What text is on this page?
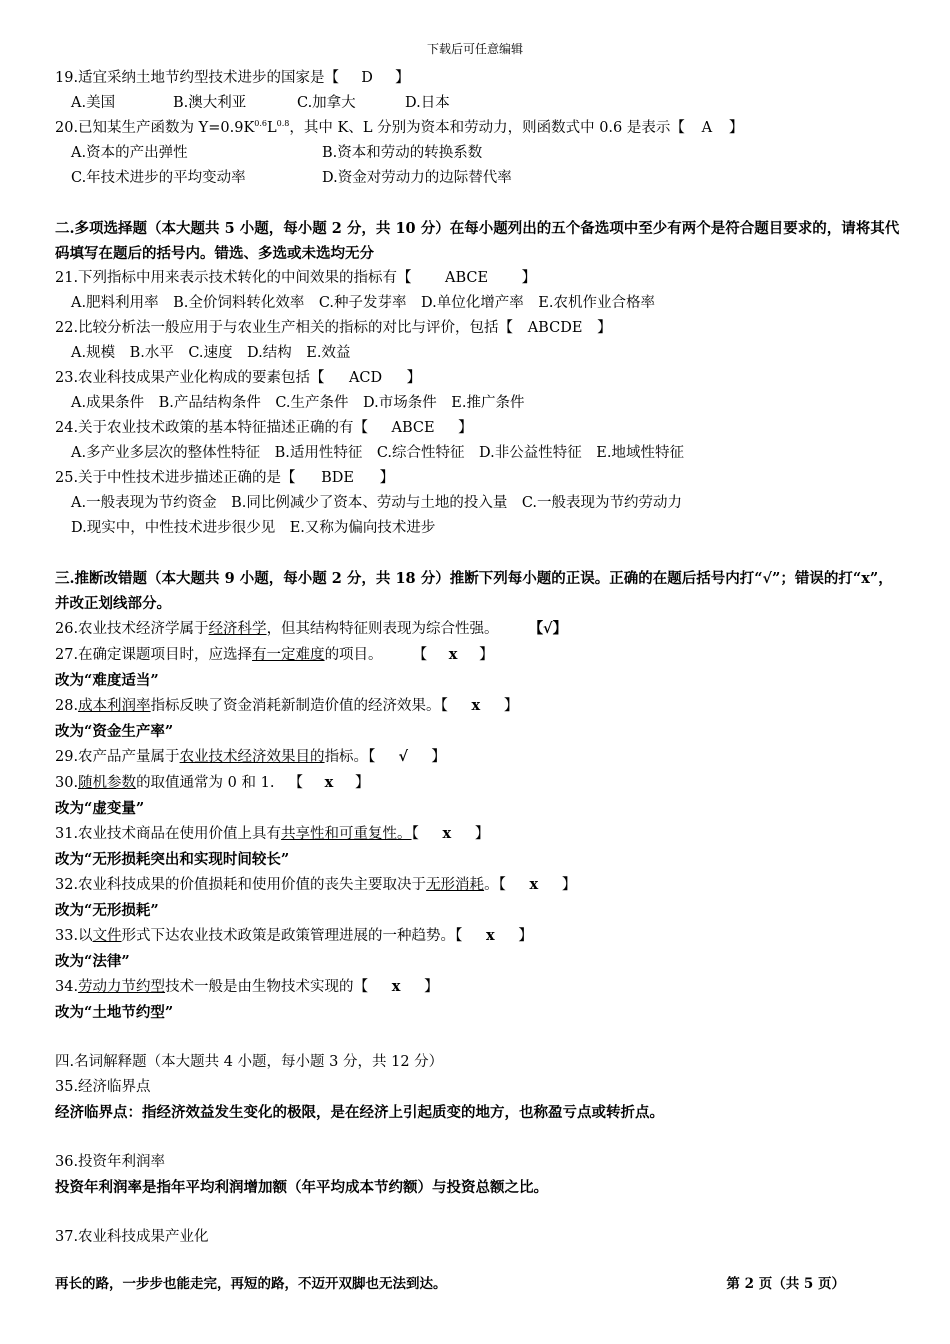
下载后可任意编辑
19.适宜采纳土地节约型技术进步的国家是【 D 】
A.美国	B.澳大利亚	C.加拿大	D.日本
20.已知某生产函数为 $Y=0.9K^{0.6}L^{0.8}$，其中 K、L 分别为资本和劳动力，则函数式中 0.6 是表示【 A 】
A.资本的产出弹性	B.资本和劳动的转换系数
C.年技术进步的平均变动率	D.资金对劳动力的边际替代率
二.多项选择题（本大题共 5 小题，每小题 2 分，共 10 分）在每小题列出的五个备选项中至少有两个是符合题目要求的，请将其代码填写在题后的括号内。错选、多选或未选均无分
21.下列指标中用来表示技术转化的中间效果的指标有【 ABCE 】
A.肥料利用率　B.全价饲料转化效率　C.种子发芽率　D.单位化增产率　E.农机作业合格率
22.比较分析法一般应用于与农业生产相关的指标的对比与评价，包括【 ABCDE 】
A.规模　B.水平　C.速度　D.结构　E.效益
23.农业科技成果产业化构成的要素包括【 ACD 】
A.成果条件　B.产品结构条件　C.生产条件　D.市场条件　E.推广条件
24.关于农业技术政策的基本特征描述正确的有【 ABCE 】
A.多产业多层次的整体性特征　B.适用性特征　C.综合性特征　D.非公益性特征　E.地域性特征
25.关于中性技术进步描述正确的是【 BDE 】
A.一般表现为节约资金　B.同比例减少了资本、劳动与土地的投入量　C.一般表现为节约劳动力
D.现实中，中性技术进步很少见　E.又称为偏向技术进步
三.推断改错题（本大题共 9 小题，每小题 2 分，共 18 分）推断下列每小题的正误。正确的在题后括号内打“√”；错误的打“x”，并改正划线部分。
26.农业技术经济学属于经济科学，但其结构特征则表现为综合性强。 【√】
27.在确定课题项目时，应选择有一定难度的项目。 【 x 】
改为“难度适当”
28.成本利润率指标反映了资金消耗新制造价值的经济效果。【 x 】
改为“资金生产率”
29.农产品产量属于农业技术经济效果目的指标。【 √ 】
30.随机参数的取值通常为 0 和 1. 【 x 】
改为“虚变量”
31.农业技术商品在使用价值上具有共享性和可重复性。【 x 】
改为“无形损耗突出和实现时间较长”
32.农业科技成果的价值损耗和使用价值的丧失主要取决于无形消耗。【 x 】
改为“无形损耗”
33.以文件形式下达农业技术政策是政策管理进展的一种趋势。【 x 】
改为“法律”
34.劳动力节约型技术一般是由生物技术实现的【 x 】
改为“土地节约型”
四.名词解释题（本大题共 4 小题，每小题 3 分，共 12 分）
35.经济临界点
经济临界点：指经济效益发生变化的极限，是在经济上引起质变的地方，也称盈亏点或转折点。
36.投资年利润率
投资年利润率是指年平均利润增加额（年平均成本节约额）与投资总额之比。
37.农业科技成果产业化
再长的路，一步步也能走完，再短的路，不迈开双脚也无法到达。	第 2 页（共 5 页）
